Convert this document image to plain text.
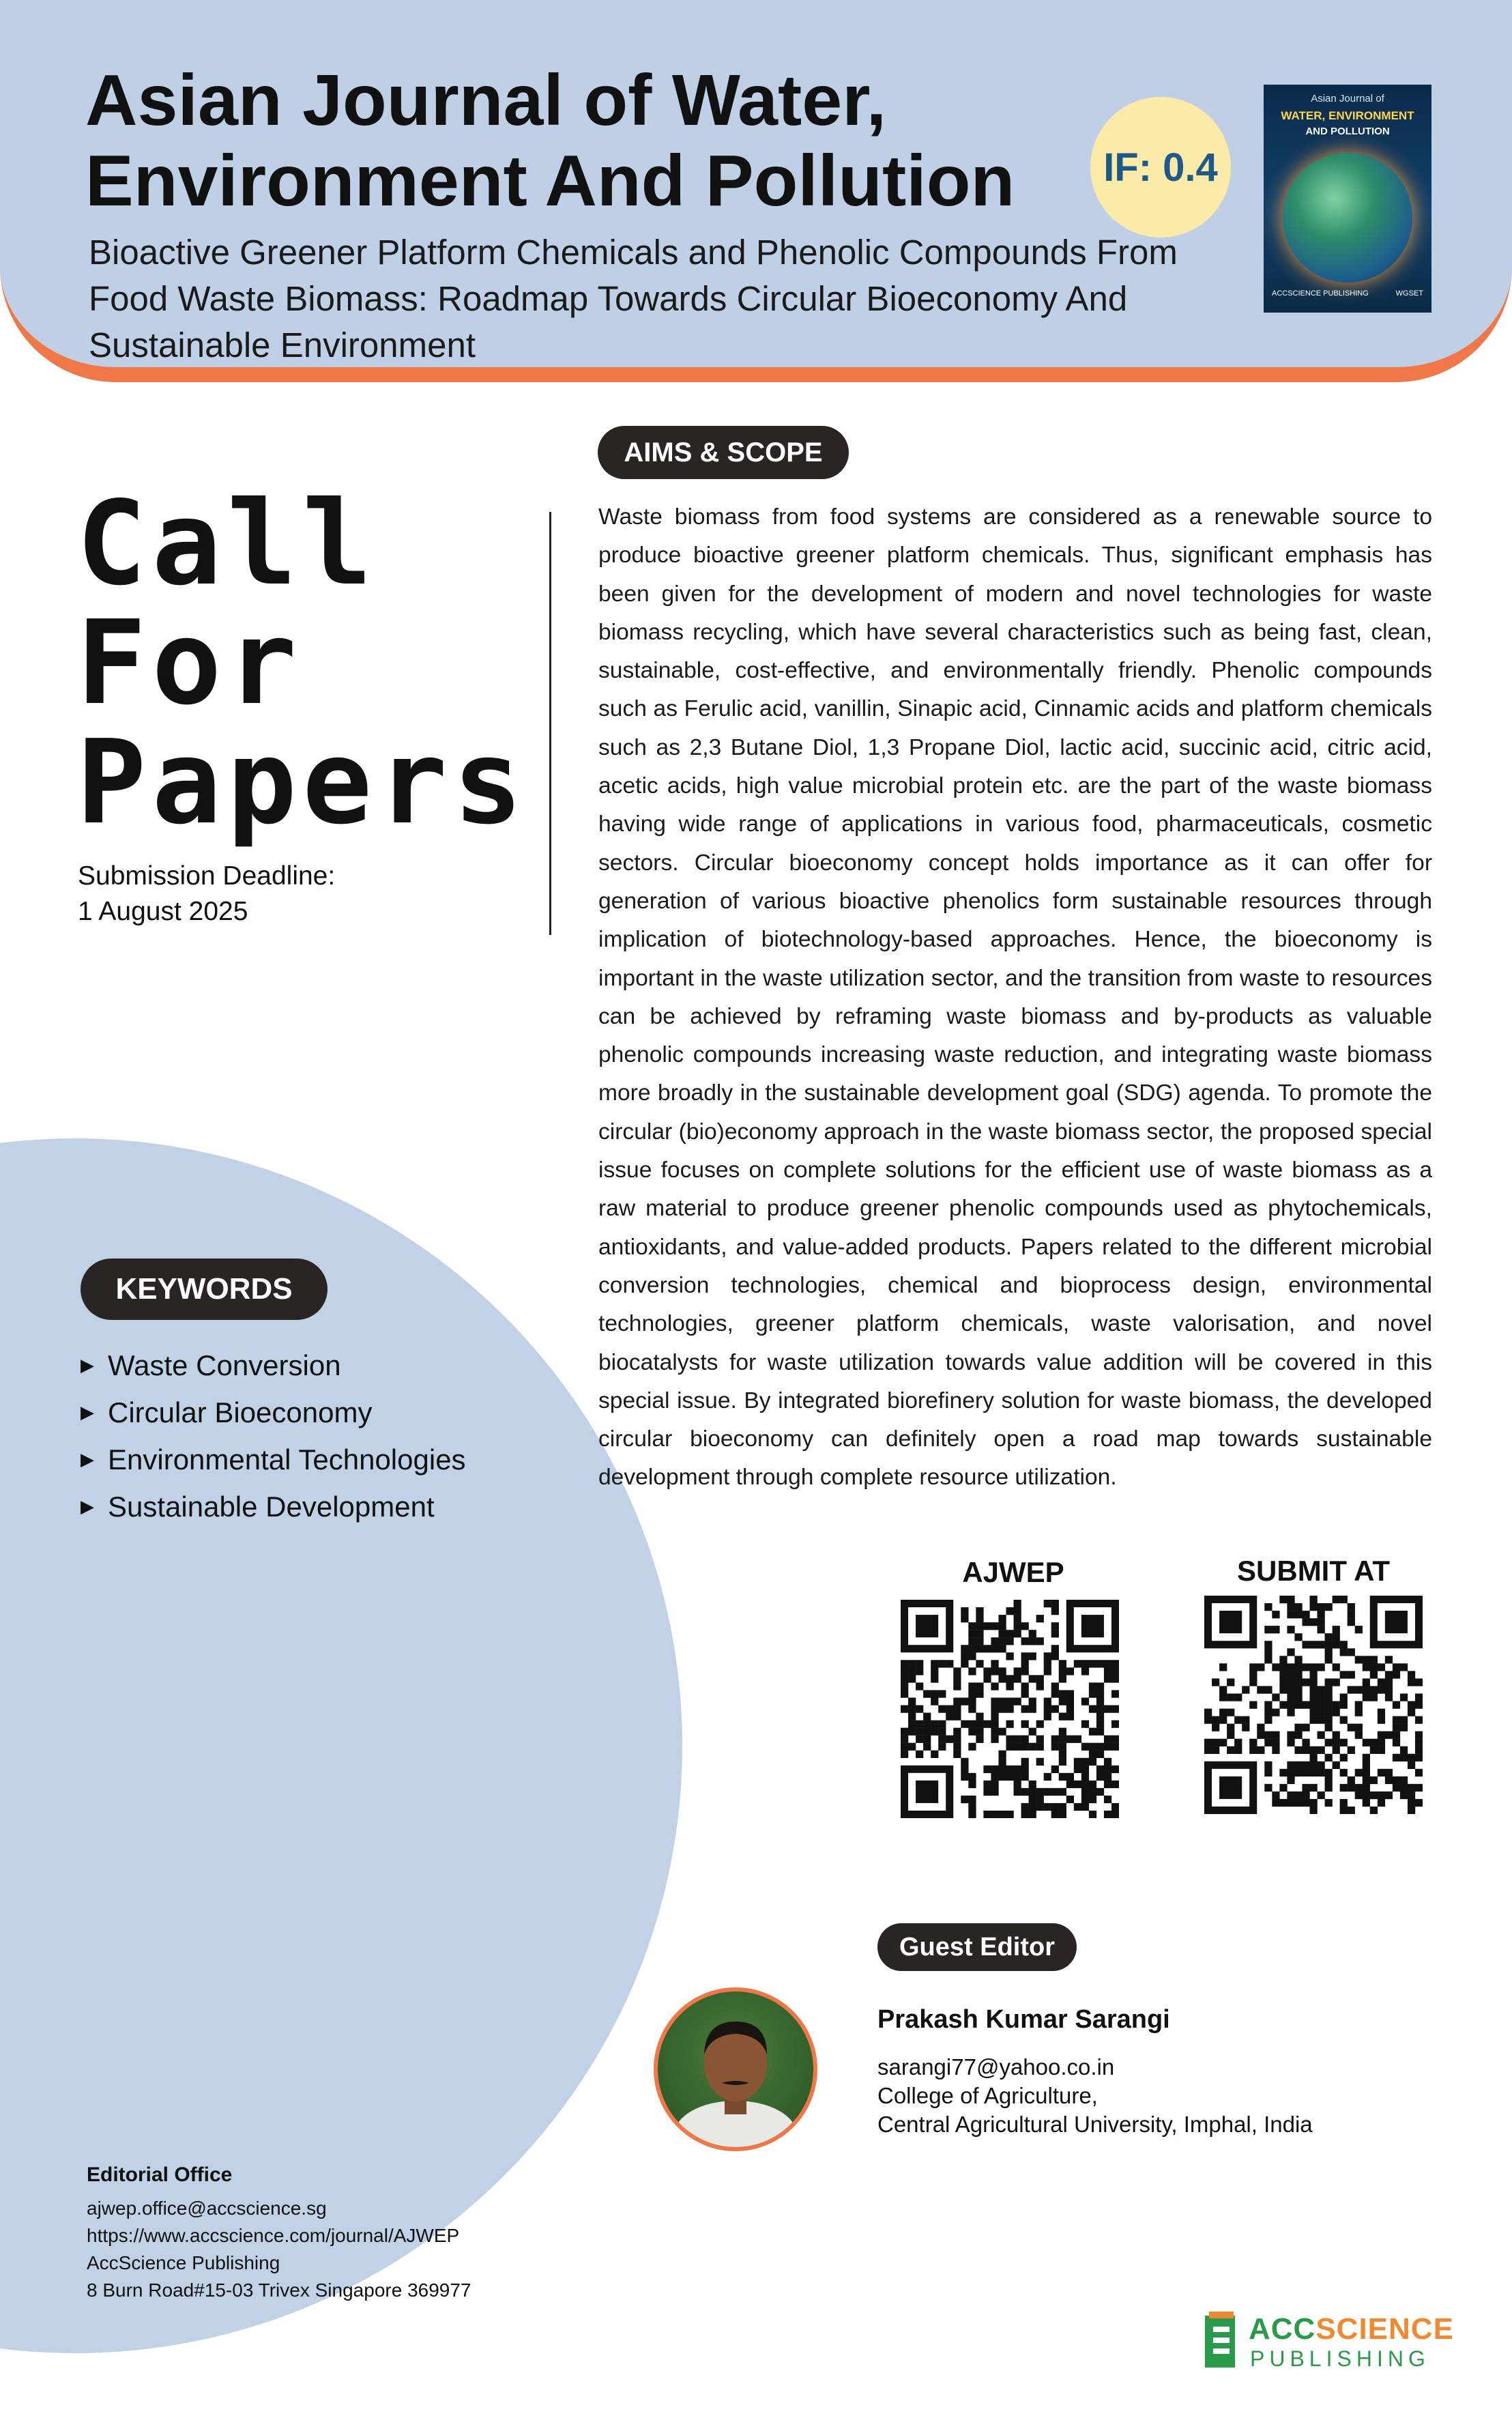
Asian Journal of Water, Environment And Pollution

Bioactive Greener Platform Chemicals and Phenolic Compounds From Food Waste Biomass: Roadmap Towards Circular Bioeconomy And Sustainable Environment

IF: 0.4
Asian Journal of
WATER, ENVIRONMENT
AND POLLUTION
ACCSCIENCE PUBLISHING	WGSET
Call
For
Papers
Submission Deadline:
1 August 2025
AIMS & SCOPE

Waste biomass from food systems are considered as a renewable source to produce bioactive greener platform chemicals. Thus, significant emphasis has been given for the development of modern and novel technologies for waste biomass recycling, which have several characteristics such as being fast, clean, sustainable, cost-effective, and environmentally friendly. Phenolic compounds such as Ferulic acid, vanillin, Sinapic acid, Cinnamic acids and platform chemicals such as 2,3 Butane Diol, 1,3 Propane Diol, lactic acid, succinic acid, citric acid, acetic acids, high value microbial protein etc. are the part of the waste biomass having wide range of applications in various food, pharmaceuticals, cosmetic sectors. Circular bioeconomy concept holds importance as it can offer for generation of various bioactive phenolics form sustainable resources through implication of biotechnology-based approaches. Hence, the bioeconomy is important in the waste utilization sector, and the transition from waste to resources can be achieved by reframing waste biomass and by-products as valuable phenolic compounds increasing waste reduction, and integrating waste biomass more broadly in the sustainable development goal (SDG) agenda. To promote the circular (bio)economy approach in the waste biomass sector, the proposed special issue focuses on complete solutions for the efficient use of waste biomass as a raw material to produce greener phenolic compounds used as phytochemicals, antioxidants, and value-added products. Papers related to the different microbial conversion technologies, chemical and bioprocess design, environmental technologies, greener platform chemicals, waste valorisation, and novel biocatalysts for waste utilization towards value addition will be covered in this special issue. By integrated biorefinery solution for waste biomass, the developed circular bioeconomy can definitely open a road map towards sustainable development through complete resource utilization.

KEYWORDS
▶ Waste Conversion
▶ Circular Bioeconomy
▶ Environmental Technologies
▶ Sustainable Development
AJWEP	SUBMIT AT
Guest Editor
Prakash Kumar Sarangi
sarangi77@yahoo.co.in
College of Agriculture,
Central Agricultural University, Imphal, India
Editorial Office
ajwep.office@accscience.sg
https://www.accscience.com/journal/AJWEP
AccScience Publishing
8 Burn Road#15-03 Trivex Singapore 369977
ACCSCIENCE
PUBLISHING
